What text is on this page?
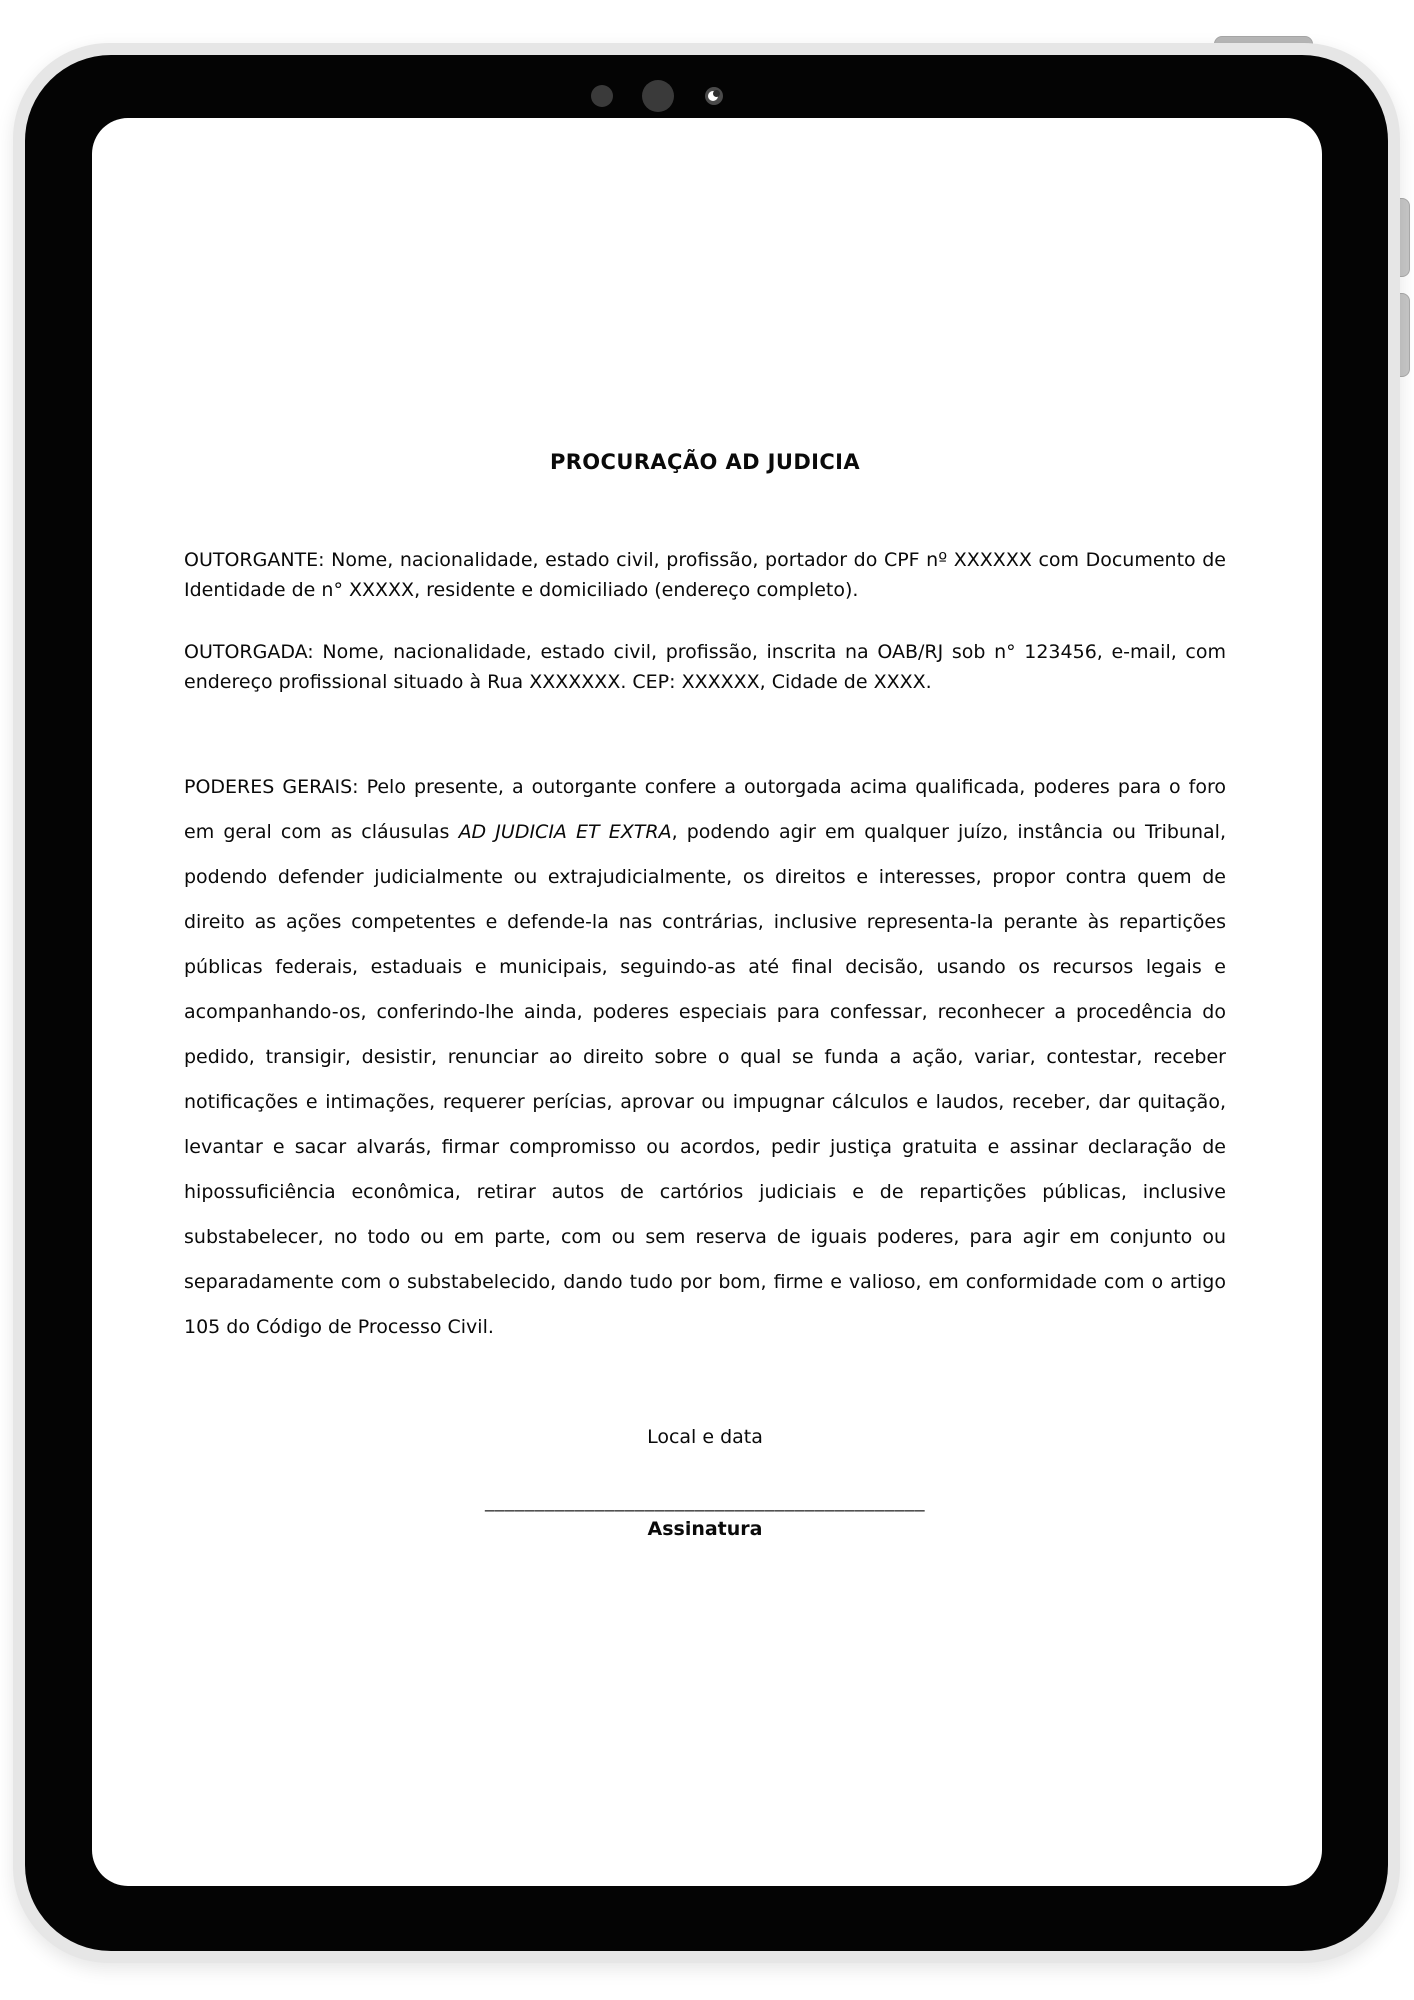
PROCURAÇÃO AD JUDICIA

OUTORGANTE: Nome, nacionalidade, estado civil, profissão, portador do CPF nº XXXXXX com Documento de Identidade de n° XXXXX, residente e domiciliado (endereço completo).

OUTORGADA: Nome, nacionalidade, estado civil, profissão, inscrita na OAB/RJ sob n° 123456, e-mail, com endereço profissional situado à Rua XXXXXXX. CEP: XXXXXX, Cidade de XXXX.

PODERES GERAIS: Pelo presente, a outorgante confere a outorgada acima qualificada, poderes para o foro em geral com as cláusulas AD JUDICIA ET EXTRA, podendo agir em qualquer juízo, instância ou Tribunal, podendo defender judicialmente ou extrajudicialmente, os direitos e interesses, propor contra quem de direito as ações competentes e defende-la nas contrárias, inclusive representa-la perante às repartições públicas federais, estaduais e municipais, seguindo-as até final decisão, usando os recursos legais e acompanhando-os, conferindo-lhe ainda, poderes especiais para confessar, reconhecer a procedência do pedido, transigir, desistir, renunciar ao direito sobre o qual se funda a ação, variar, contestar, receber notificações e intimações, requerer perícias, aprovar ou impugnar cálculos e laudos, receber, dar quitação, levantar e sacar alvarás, firmar compromisso ou acordos, pedir justiça gratuita e assinar declaração de hipossuficiência econômica, retirar autos de cartórios judiciais e de repartições públicas, inclusive substabelecer, no todo ou em parte, com ou sem reserva de iguais poderes, para agir em conjunto ou separadamente com o substabelecido, dando tudo por bom, firme e valioso, em conformidade com o artigo 105 do Código de Processo Civil.

Local e data

____________________________________________

Assinatura
